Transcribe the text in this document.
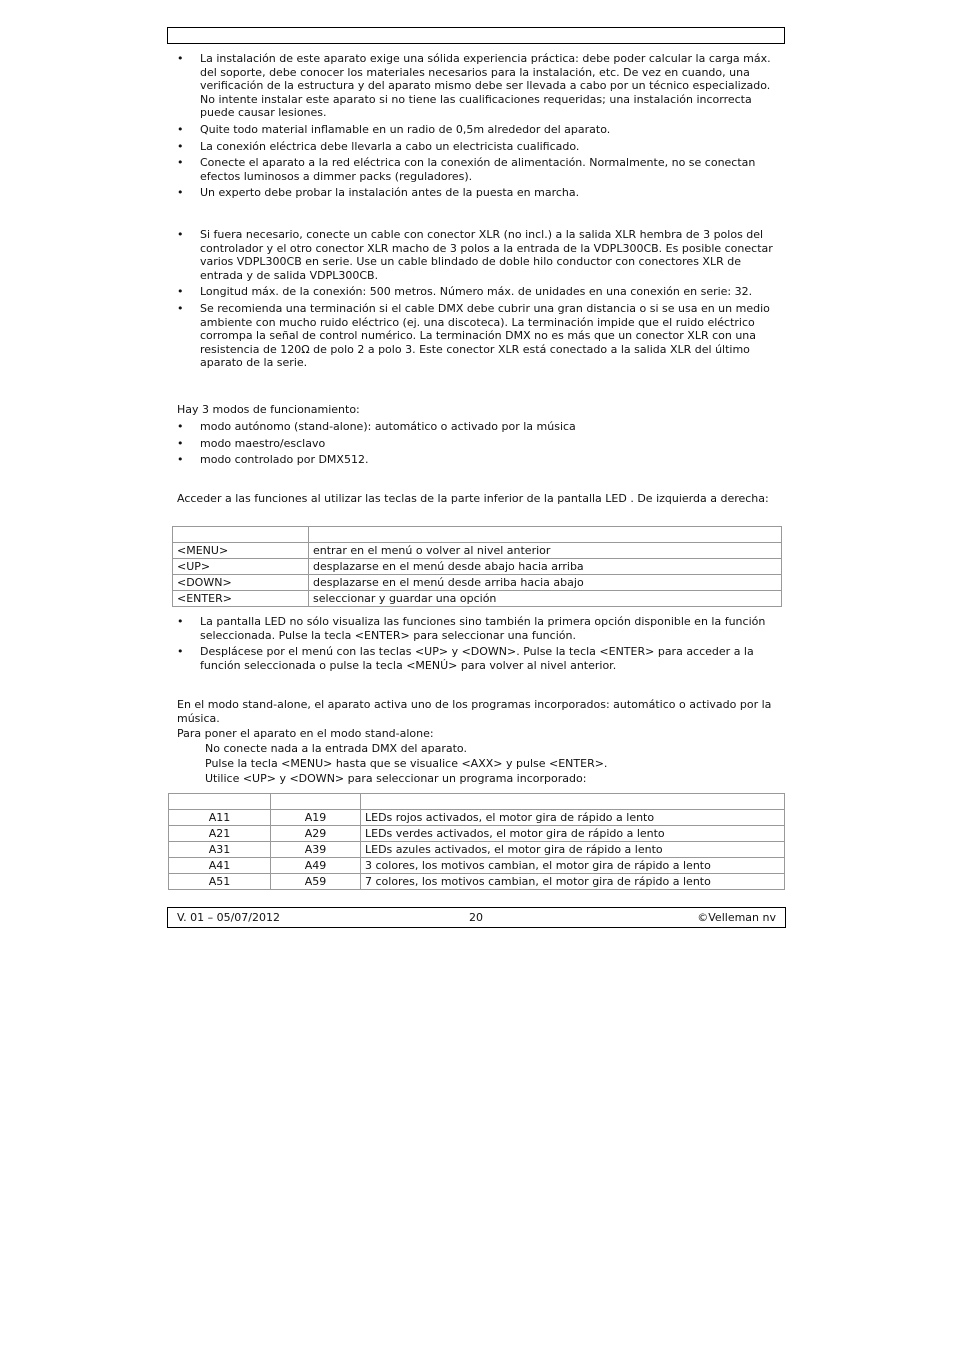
• La instalación de este aparato exige una sólida experiencia práctica: debe poder calcular la carga máx. del soporte, debe conocer los materiales necesarios para la instalación, etc. De vez en cuando, una verificación de la estructura y del aparato mismo debe ser llevada a cabo por un técnico especializado. No intente instalar este aparato si no tiene las cualificaciones requeridas; una instalación incorrecta puede causar lesiones.
• Quite todo material inflamable en un radio de 0,5m alrededor del aparato.
• La conexión eléctrica debe llevarla a cabo un electricista cualificado.
• Conecte el aparato a la red eléctrica con la conexión de alimentación. Normalmente, no se conectan efectos luminosos a dimmer packs (reguladores).
• Un experto debe probar la instalación antes de la puesta en marcha.
• Si fuera necesario, conecte un cable con conector XLR (no incl.) a la salida XLR hembra de 3 polos del controlador y el otro conector XLR macho de 3 polos a la entrada de la VDPL300CB. Es posible conectar varios VDPL300CB en serie. Use un cable blindado de doble hilo conductor con conectores XLR de entrada y de salida VDPL300CB.
• Longitud máx. de la conexión: 500 metros. Número máx. de unidades en una conexión en serie: 32.
• Se recomienda una terminación si el cable DMX debe cubrir una gran distancia o si se usa en un medio ambiente con mucho ruido eléctrico (ej. una discoteca). La terminación impide que el ruido eléctrico corrompa la señal de control numérico. La terminación DMX no es más que un conector XLR con una resistencia de 120Ω de polo 2 a polo 3. Este conector XLR está conectado a la salida XLR del último aparato de la serie.

Hay 3 modos de funcionamiento:

• modo autónomo (stand-alone): automático o activado por la música
• modo maestro/esclavo
• modo controlado por DMX512.

Acceder a las funciones al utilizar las teclas de la parte inferior de la pantalla LED . De izquierda a derecha:

<MENU>	entrar en el menú o volver al nivel anterior
<UP>	desplazarse en el menú desde abajo hacia arriba
<DOWN>	desplazarse en el menú desde arriba hacia abajo
<ENTER>	seleccionar y guardar una opción
• La pantalla LED no sólo visualiza las funciones sino también la primera opción disponible en la función seleccionada. Pulse la tecla <ENTER> para seleccionar una función.
• Desplácese por el menú con las teclas <UP> y <DOWN>. Pulse la tecla <ENTER> para acceder a la función seleccionada o pulse la tecla <MENÚ> para volver al nivel anterior.

En el modo stand-alone, el aparato activa uno de los programas incorporados: automático o activado por la música.

Para poner el aparato en el modo stand-alone:

No conecte nada a la entrada DMX del aparato.

Pulse la tecla <MENU> hasta que se visualice <AXX> y pulse <ENTER>.

Utilice <UP> y <DOWN> para seleccionar un programa incorporado:

A11	A19	LEDs rojos activados, el motor gira de rápido a lento
A21	A29	LEDs verdes activados, el motor gira de rápido a lento
A31	A39	LEDs azules activados, el motor gira de rápido a lento
A41	A49	3 colores, los motivos cambian, el motor gira de rápido a lento
A51	A59	7 colores, los motivos cambian, el motor gira de rápido a lento
V. 01 – 05/07/2012	20	©Velleman nv
